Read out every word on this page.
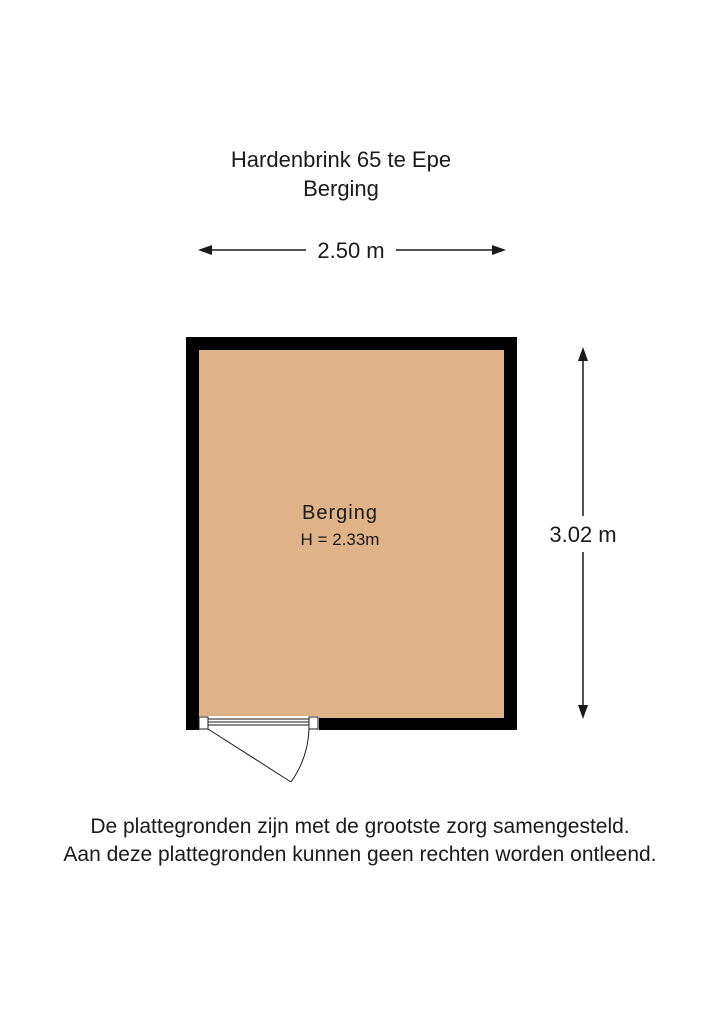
Hardenbrink 65 te Epe
Berging
2.50 m
3.02 m
Berging
H = 2.33m
De plattegronden zijn met de grootste zorg samengesteld.
Aan deze plattegronden kunnen geen rechten worden ontleend.
